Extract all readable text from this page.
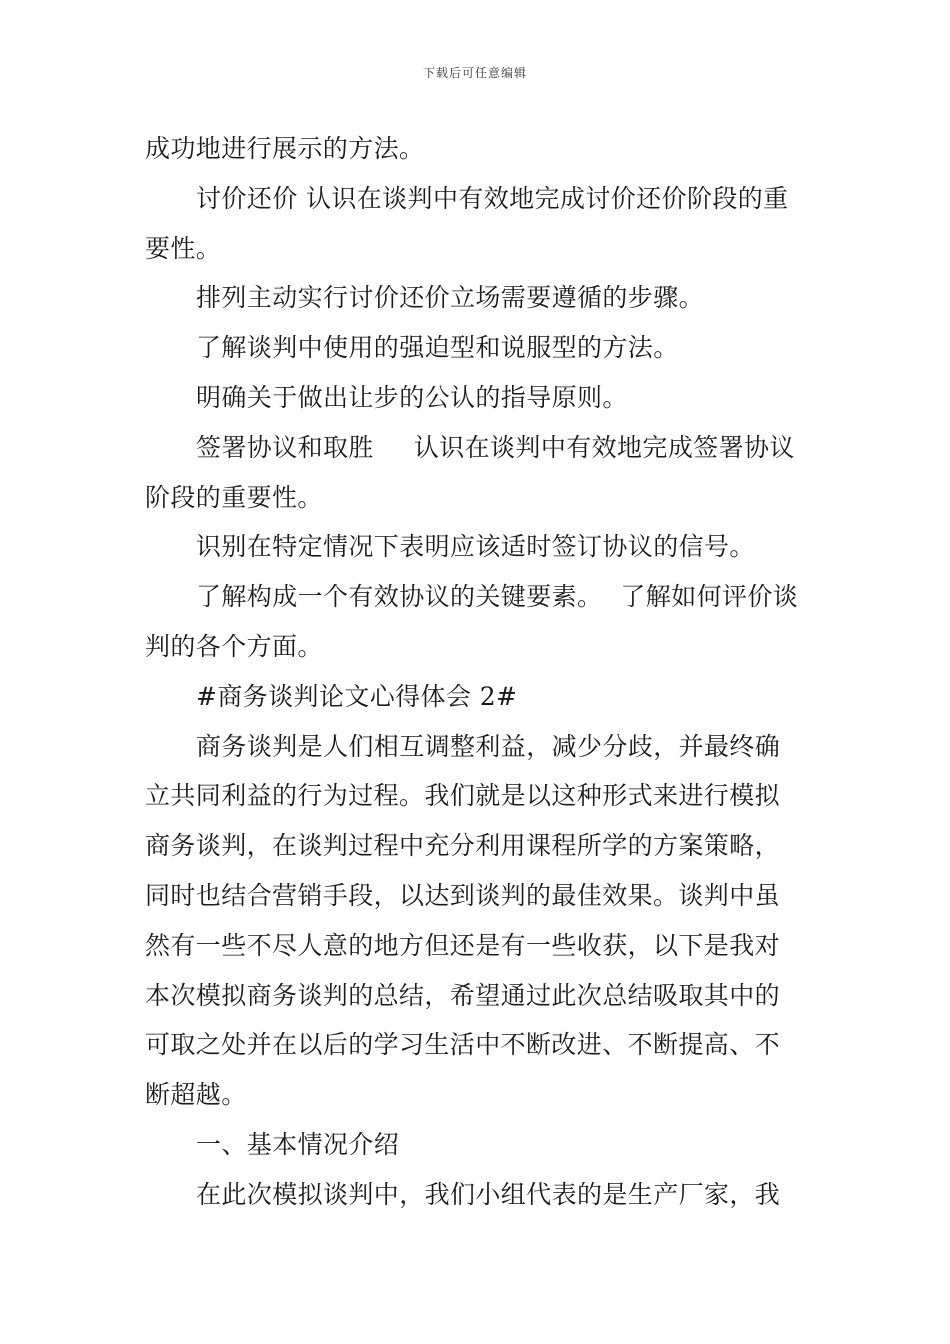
下载后可任意编辑
成功地进行展示的方法。
讨价还价 认识在谈判中有效地完成讨价还价阶段的重
要性。
排列主动实行讨价还价立场需要遵循的步骤。
了解谈判中使用的强迫型和说服型的方法。
明确关于做出让步的公认的指导原则。
签署协议和取胜 认识在谈判中有效地完成签署协议
阶段的重要性。
识别在特定情况下表明应该适时签订协议的信号。
了解构成一个有效协议的关键要素。 了解如何评价谈
判的各个方面。
#商务谈判论文心得体会 2#
商务谈判是人们相互调整利益，减少分歧，并最终确
立共同利益的行为过程。我们就是以这种形式来进行模拟
商务谈判，在谈判过程中充分利用课程所学的方案策略，
同时也结合营销手段，以达到谈判的最佳效果。谈判中虽
然有一些不尽人意的地方但还是有一些收获，以下是我对
本次模拟商务谈判的总结，希望通过此次总结吸取其中的
可取之处并在以后的学习生活中不断改进、不断提高、不
断超越。
一、基本情况介绍
在此次模拟谈判中，我们小组代表的是生产厂家，我
